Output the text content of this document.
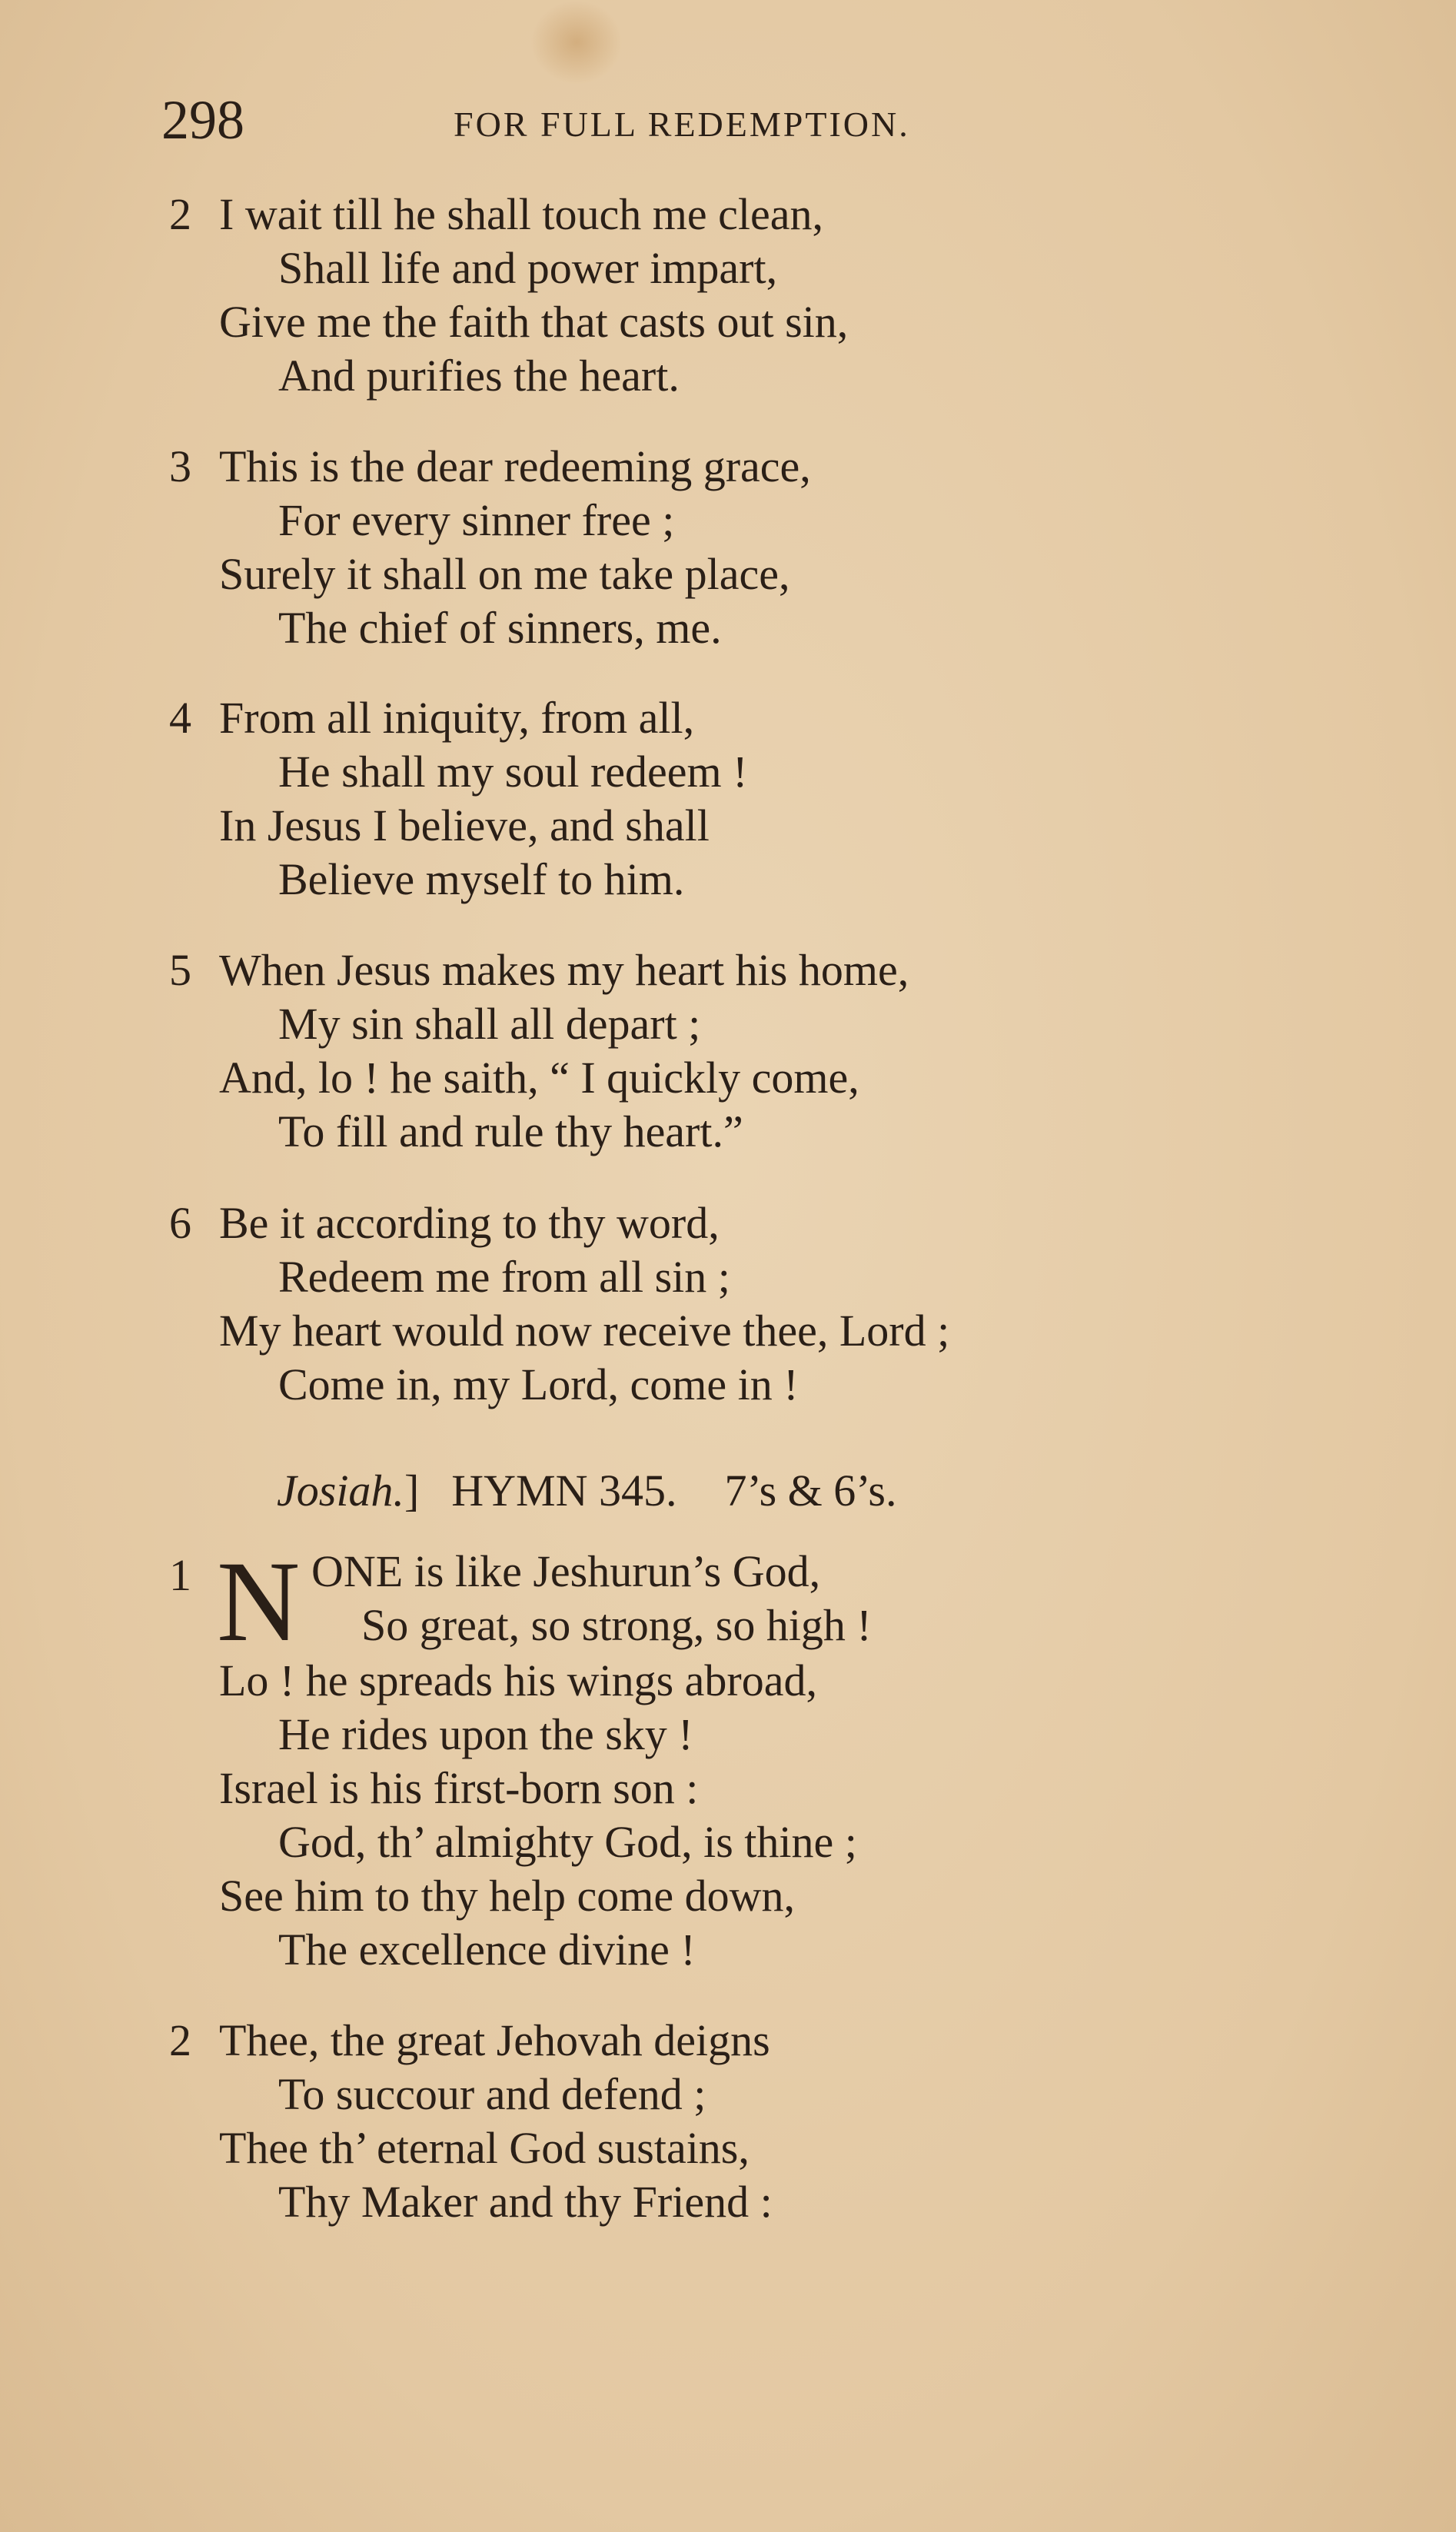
298	FOR FULL REDEMPTION.
2 I wait till he shall touch me clean,
Shall life and power impart,
Give me the faith that casts out sin,
And purifies the heart.
3 This is the dear redeeming grace,
For every sinner free ;
Surely it shall on me take place,
The chief of sinners, me.
4 From all iniquity, from all,
He shall my soul redeem !
In Jesus I believe, and shall
Believe myself to him.
5 When Jesus makes my heart his home,
My sin shall all depart ;
And, lo ! he saith, “ I quickly come,
To fill and rule thy heart.”
6 Be it according to thy word,
Redeem me from all sin ;
My heart would now receive thee, Lord ;
Come in, my Lord, come in !
Josiah.] HYMN 345. 7’s & 6’s.
1 N ONE is like Jeshurun’s God,
So great, so strong, so high !
Lo ! he spreads his wings abroad,
He rides upon the sky !
Israel is his first-born son :
God, th’ almighty God, is thine ;
See him to thy help come down,
The excellence divine !
2 Thee, the great Jehovah deigns
To succour and defend ;
Thee th’ eternal God sustains,
Thy Maker and thy Friend :
